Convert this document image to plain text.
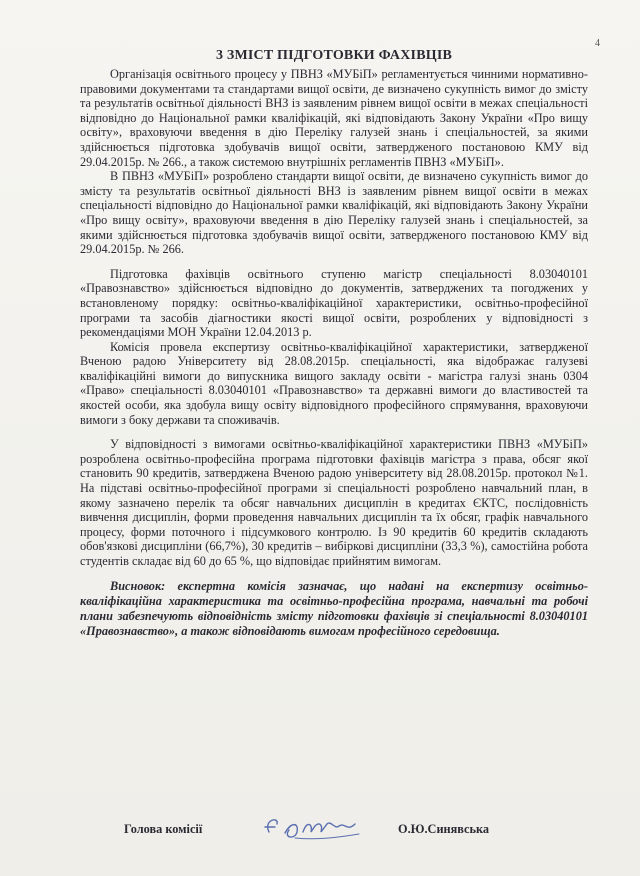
4
3 ЗМІСТ ПІДГОТОВКИ ФАХІВЦІВ

Організація освітнього процесу у ПВНЗ «МУБіП» регламентується чинними нормативно-правовими документами та стандартами вищої освіти, де визначено сукупність вимог до змісту та результатів освітньої діяльності ВНЗ із заявленим рівнем вищої освіти в межах спеціальності відповідно до Національної рамки кваліфікацій, які відповідають Закону України «Про вищу освіту», враховуючи введення в дію Переліку галузей знань і спеціальностей, за якими здійснюється підготовка здобувачів вищої освіти, затвердженого постановою КМУ від 29.04.2015р. № 266., а також системою внутрішніх регламентів ПВНЗ «МУБіП».

В ПВНЗ «МУБіП» розроблено стандарти вищої освіти, де визначено сукупність вимог до змісту та результатів освітньої діяльності ВНЗ із заявленим рівнем вищої освіти в межах спеціальності відповідно до Національної рамки кваліфікацій, які відповідають Закону України «Про вищу освіту», враховуючи введення в дію Переліку галузей знань і спеціальностей, за якими здійснюється підготовка здобувачів вищої освіти, затвердженого постановою КМУ від 29.04.2015р. № 266.

Підготовка фахівців освітнього ступеню магістр спеціальності 8.03040101 «Правознавство» здійснюється відповідно до документів, затверджених та погоджених у встановленому порядку: освітньо-кваліфікаційної характеристики, освітньо-професійної програми та засобів діагностики якості вищої освіти, розроблених у відповідності з рекомендаціями МОН України 12.04.2013 р.

Комісія провела експертизу освітньо-кваліфікаційної характеристики, затвердженої Вченою радою Університету від 28.08.2015р. спеціальності, яка відображає галузеві кваліфікаційні вимоги до випускника вищого закладу освіти - магістра галузі знань 0304 «Право» спеціальності 8.03040101 «Правознавство» та державні вимоги до властивостей та якостей особи, яка здобула вищу освіту відповідного професійного спрямування, враховуючи вимоги з боку держави та споживачів.

У відповідності з вимогами освітньо-кваліфікаційної характеристики ПВНЗ «МУБіП» розроблена освітньо-професійна програма підготовки фахівців магістра з права, обсяг якої становить 90 кредитів, затверджена Вченою радою університету від 28.08.2015р. протокол №1. На підставі освітньо-професійної програми зі спеціальності розроблено навчальний план, в якому зазначено перелік та обсяг навчальних дисциплін в кредитах ЄКТС, послідовність вивчення дисциплін, форми проведення навчальних дисциплін та їх обсяг, графік навчального процесу, форми поточного і підсумкового контролю. Із 90 кредитів 60 кредитів складають обов'язкові дисципліни (66,7%), 30 кредитів – вибіркові дисципліни (33,3 %), самостійна робота студентів складає від 60 до 65 %, що відповідає прийнятим вимогам.

Висновок: експертна комісія зазначає, що надані на експертизу освітньо-кваліфікаційна характеристика та освітньо-професійна програма, навчальні та робочі плани забезпечують відповідність змісту підготовки фахівців зі спеціальності 8.03040101 «Правознавство», а також відповідають вимогам професійного середовища.

Голова комісії	О.Ю.Синявська
